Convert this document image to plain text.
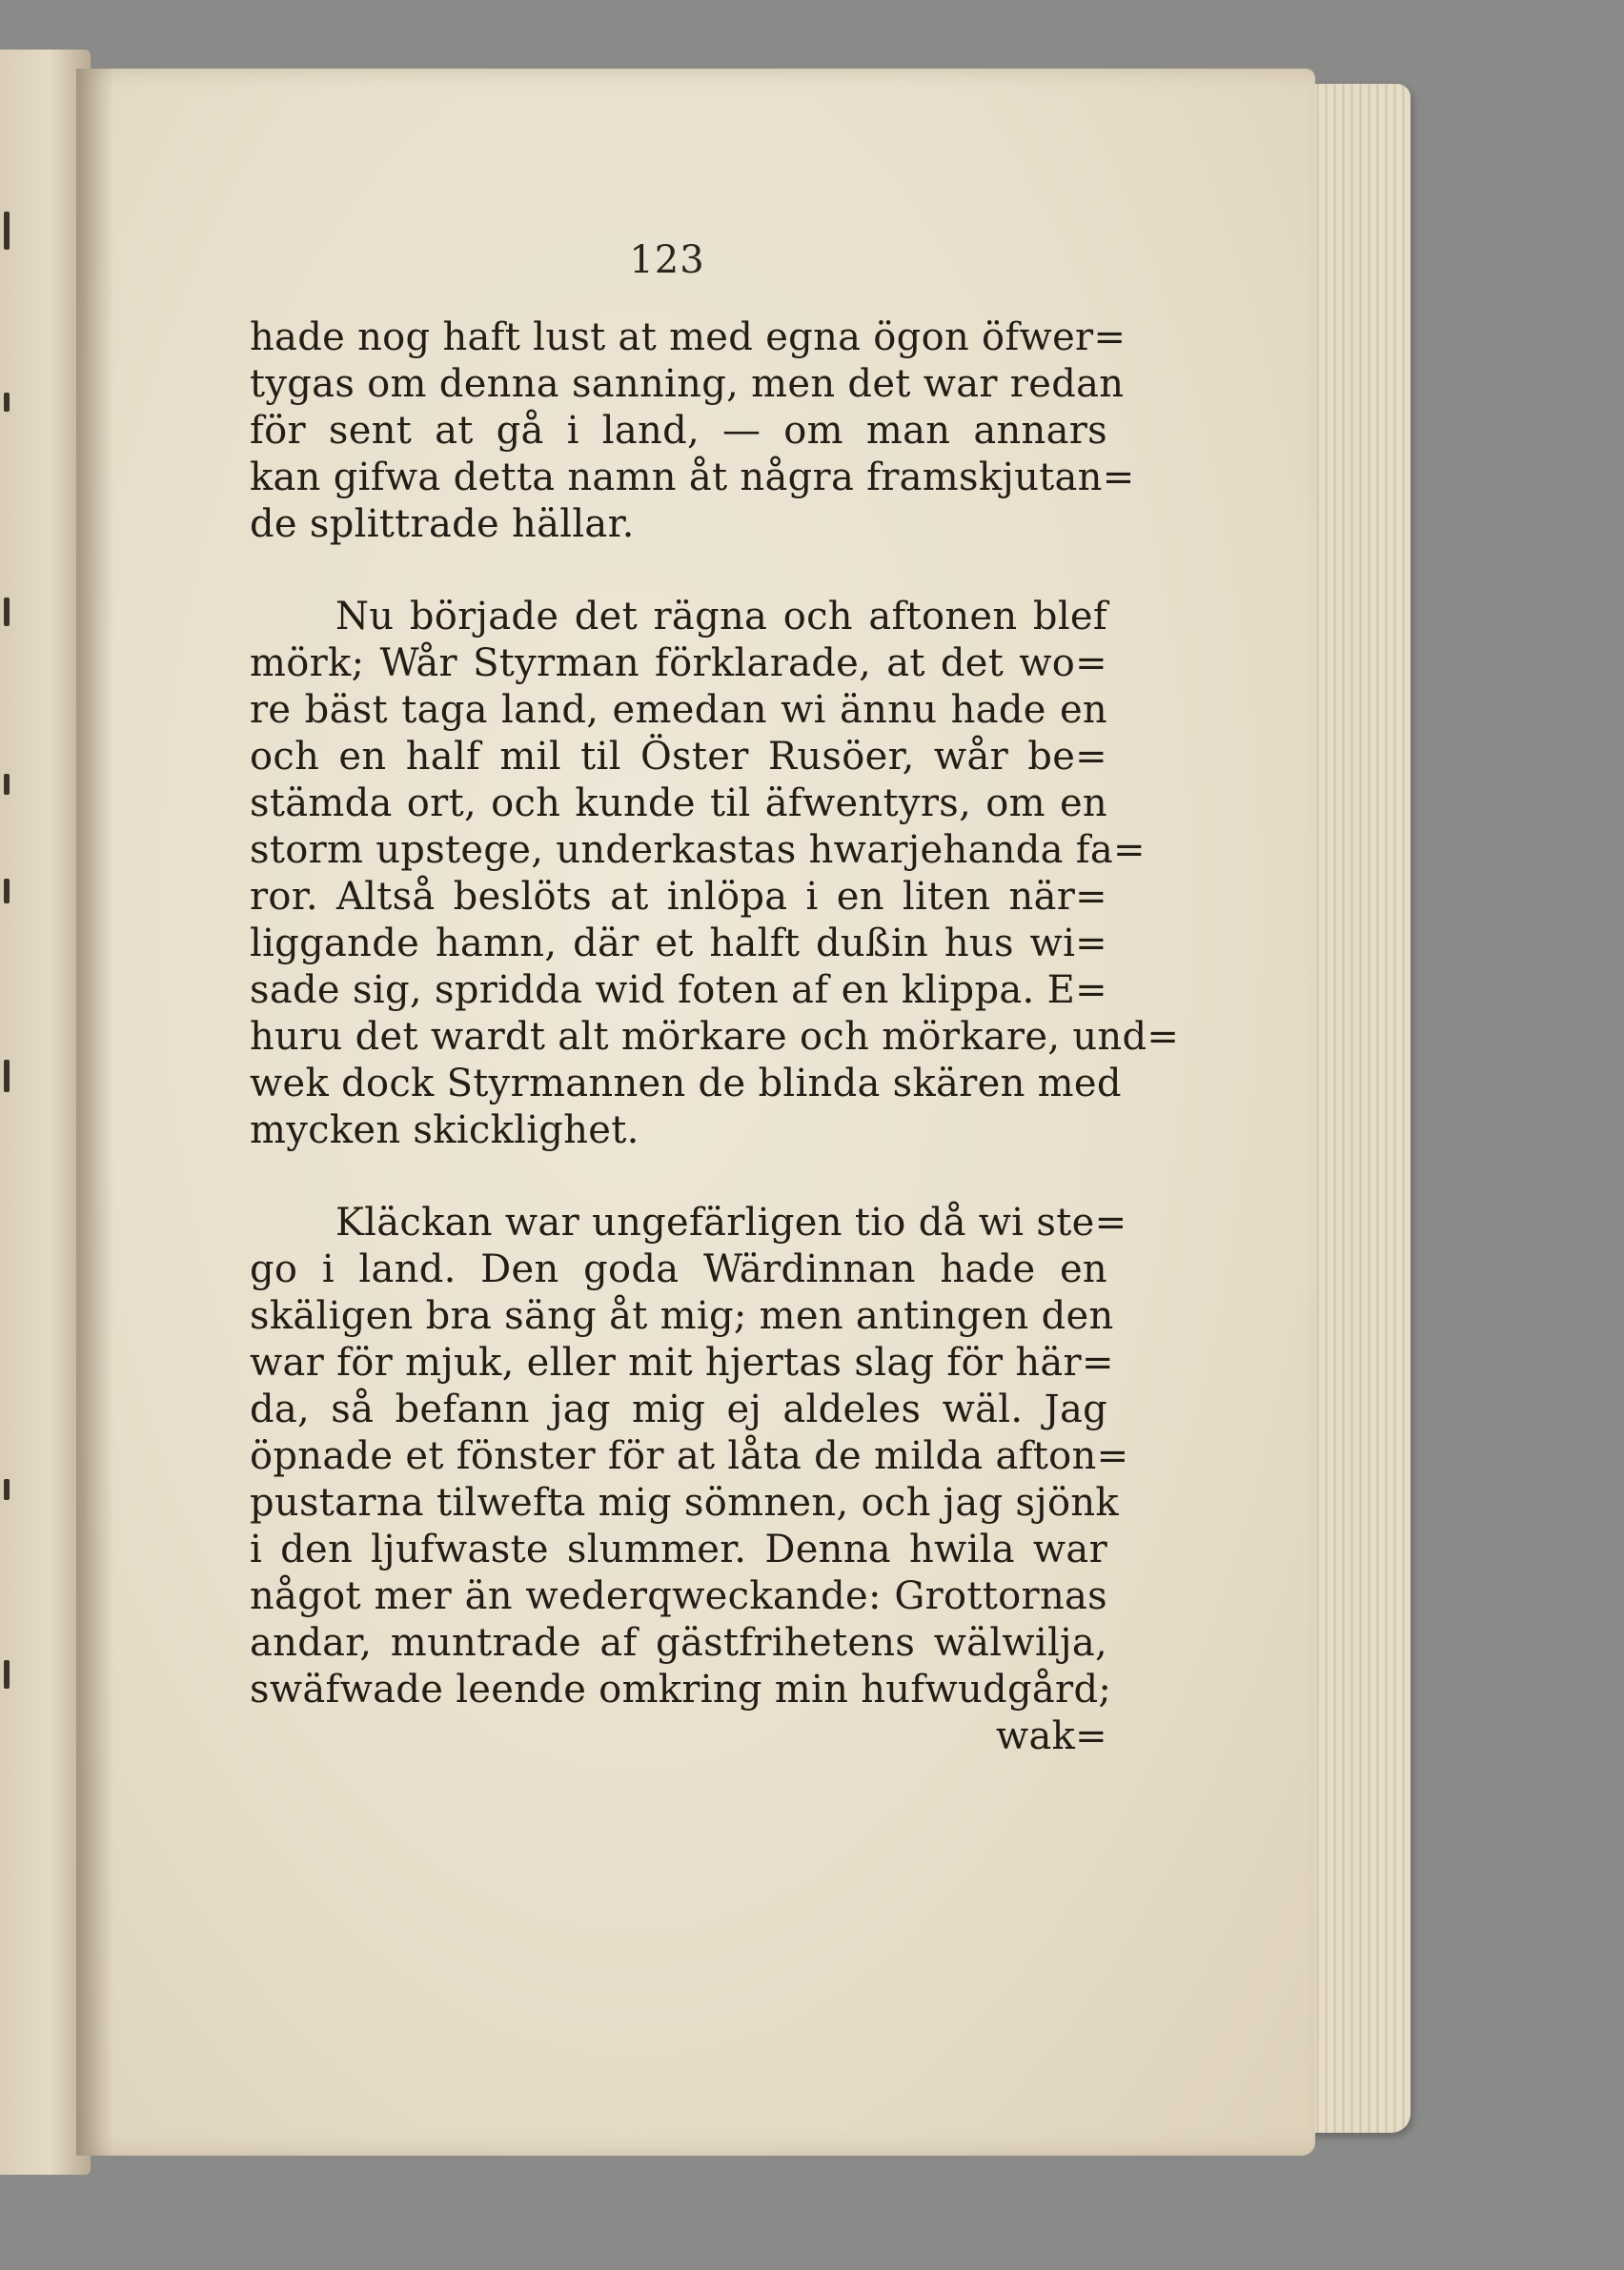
123
hade nog haft lust at med egna ögon öfwer=
tygas om denna sanning, men det war redan
för sent at gå i land, — om man annars
kan gifwa detta namn åt några framskjutan=
de splittrade hällar.
Nu började det rägna och aftonen blef
mörk; Wår Styrman förklarade, at det wo=
re bäst taga land, emedan wi ännu hade en
och en half mil til Öster Rusöer, wår be=
stämda ort, och kunde til äfwentyrs, om en
storm upstege, underkastas hwarjehanda fa=
ror. Altså beslöts at inlöpa i en liten när=
liggande hamn, där et halft dußin hus wi=
sade sig, spridda wid foten af en klippa. E=
huru det wardt alt mörkare och mörkare, und=
wek dock Styrmannen de blinda skären med
mycken skicklighet.
Kläckan war ungefärligen tio då wi ste=
go i land. Den goda Wärdinnan hade en
skäligen bra säng åt mig; men antingen den
war för mjuk, eller mit hjertas slag för här=
da, så befann jag mig ej aldeles wäl. Jag
öpnade et fönster för at låta de milda afton=
pustarna tilwefta mig sömnen, och jag sjönk
i den ljufwaste slummer. Denna hwila war
något mer än wederqweckande: Grottornas
andar, muntrade af gästfrihetens wälwilja,
swäfwade leende omkring min hufwudgård;
wak=
